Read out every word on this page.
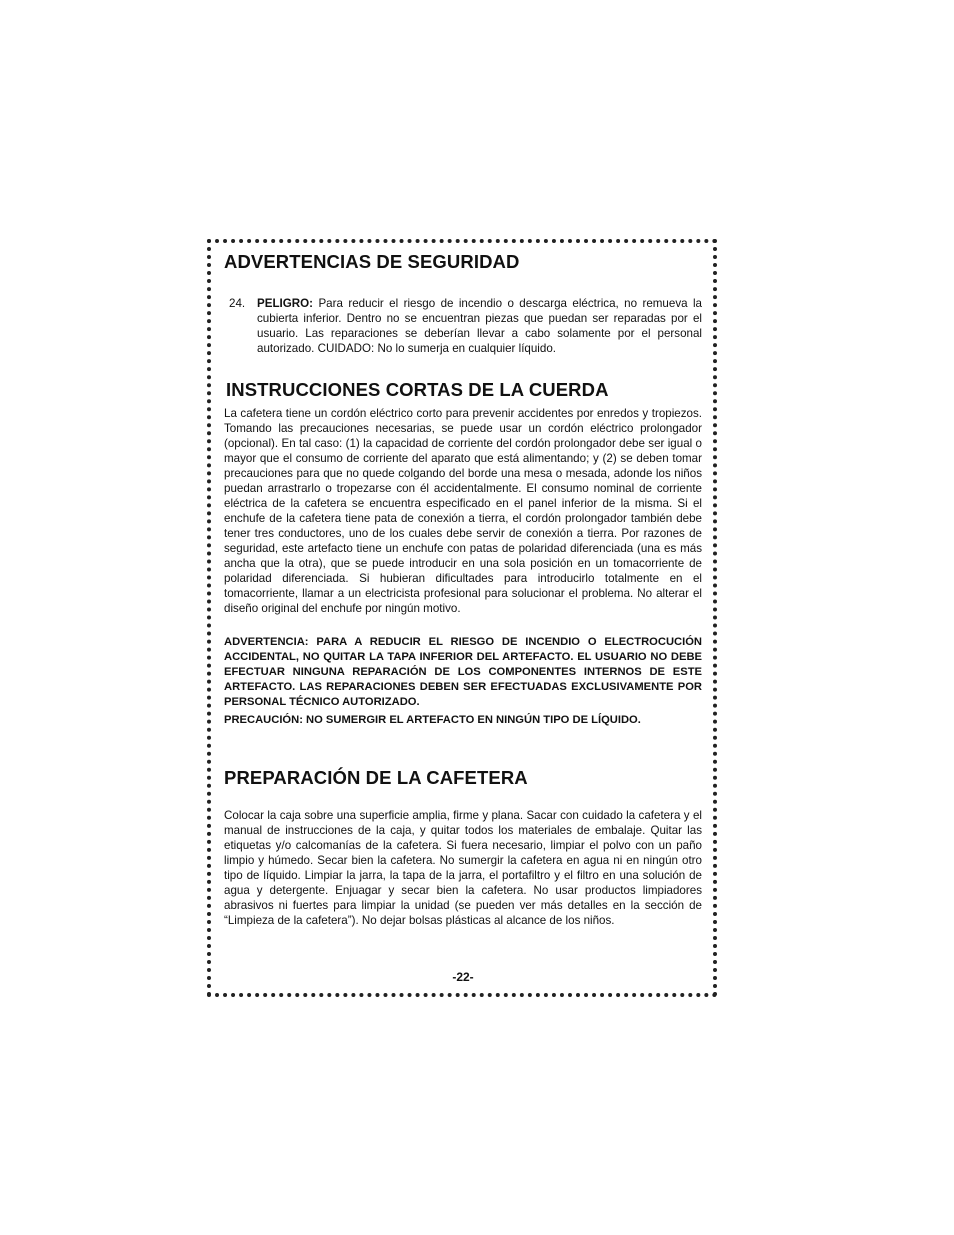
ADVERTENCIAS DE SEGURIDAD
24.	PELIGRO: Para reducir el riesgo de incendio o descarga eléctrica, no remueva la cubierta inferior. Dentro no se encuentran piezas que puedan ser reparadas por el usuario. Las reparaciones se deberían llevar a cabo solamente por el personal autorizado. CUIDADO: No lo sumerja en cualquier líquido.
INSTRUCCIONES CORTAS DE LA CUERDA

La cafetera tiene un cordón eléctrico corto para prevenir accidentes por enredos y tropiezos. Tomando las precauciones necesarias, se puede usar un cordón eléctrico prolongador (opcional). En tal caso: (1) la capacidad de corriente del cordón prolongador debe ser igual o mayor que el consumo de corriente del aparato que está alimentando; y (2) se deben tomar precauciones para que no quede colgando del borde una mesa o mesada, adonde los niños puedan arrastrarlo o tropezarse con él accidentalmente. El consumo nominal de corriente eléctrica de la cafetera se encuentra especificado en el panel inferior de la misma. Si el enchufe de la cafetera tiene pata de conexión a tierra, el cordón prolongador también debe tener tres conductores, uno de los cuales debe servir de conexión a tierra. Por razones de seguridad, este artefacto tiene un enchufe con patas de polaridad diferenciada (una es más ancha que la otra), que se puede introducir en una sola posición en un tomacorriente de polaridad diferenciada. Si hubieran dificultades para introducirlo totalmente en el tomacorriente, llamar a un electricista profesional para solucionar el problema. No alterar el diseño original del enchufe por ningún motivo.

ADVERTENCIA: PARA A REDUCIR EL RIESGO DE INCENDIO O ELECTROCUCIÓN ACCIDENTAL, NO QUITAR LA TAPA INFERIOR DEL ARTEFACTO. EL USUARIO NO DEBE EFECTUAR NINGUNA REPARACIÓN DE LOS COMPONENTES INTERNOS DE ESTE ARTEFACTO. LAS REPARACIONES DEBEN SER EFECTUADAS EXCLUSIVAMENTE POR PERSONAL TÉCNICO AUTORIZADO.

PRECAUCIÓN: NO SUMERGIR EL ARTEFACTO EN NINGÚN TIPO DE LÍQUIDO.

PREPARACIÓN DE LA CAFETERA

Colocar la caja sobre una superficie amplia, firme y plana. Sacar con cuidado la cafetera y el manual de instrucciones de la caja, y quitar todos los materiales de embalaje. Quitar las etiquetas y/o calcomanías de la cafetera. Si fuera necesario, limpiar el polvo con un paño limpio y húmedo. Secar bien la cafetera. No sumergir la cafetera en agua ni en ningún otro tipo de líquido. Limpiar la jarra, la tapa de la jarra, el portafiltro y el filtro en una solución de agua y detergente. Enjuagar y secar bien la cafetera. No usar productos limpiadores abrasivos ni fuertes para limpiar la unidad (se pueden ver más detalles en la sección de “Limpieza de la cafetera”). No dejar bolsas plásticas al alcance de los niños.

-22-
